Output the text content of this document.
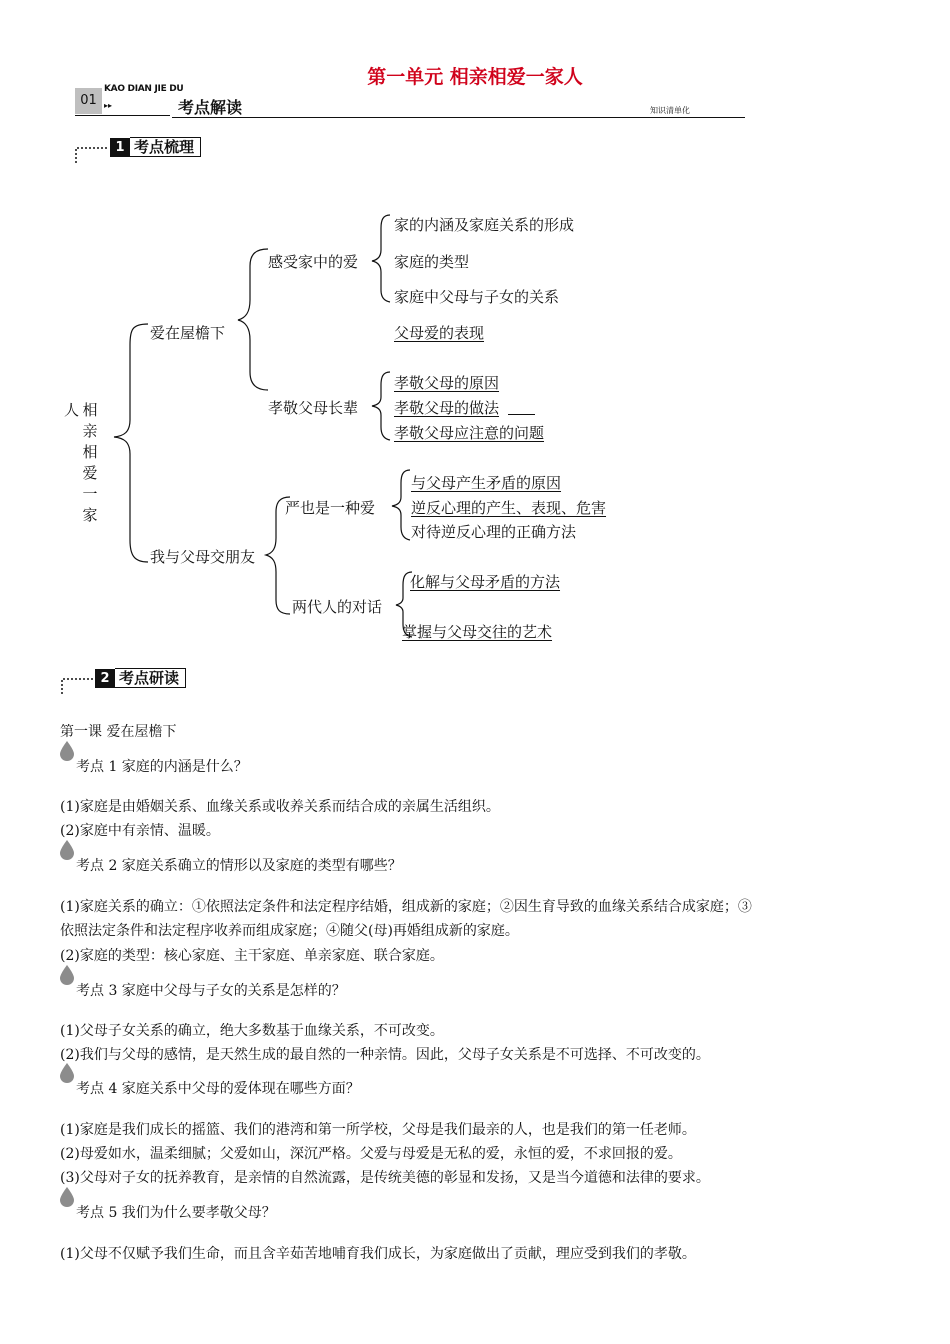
第一单元 相亲相爱一家人
01
KAO DIAN JIE DU
▸▸	考点解读	知识清单化
1 考点梳理
人 相亲相爱一家
爱在屋檐下
感受家中的爱
家的内涵及家庭关系的形成
家庭的类型
家庭中父母与子女的关系
父母爱的表现
孝敬父母长辈
孝敬父母的原因
孝敬父母的做法
孝敬父母应注意的问题
我与父母交朋友
严也是一种爱
与父母产生矛盾的原因
逆反心理的产生、表现、危害
对待逆反心理的正确方法
两代人的对话
化解与父母矛盾的方法
掌握与父母交往的艺术
2 考点研读
第一课 爱在屋檐下
考点 1 家庭的内涵是什么？
(1)家庭是由婚姻关系、血缘关系或收养关系而结合成的亲属生活组织。
(2)家庭中有亲情、温暖。
考点 2 家庭关系确立的情形以及家庭的类型有哪些？
(1)家庭关系的确立：①依照法定条件和法定程序结婚，组成新的家庭；②因生育导致的血缘关系结合成家庭；③
依照法定条件和法定程序收养而组成家庭；④随父(母)再婚组成新的家庭。
(2)家庭的类型：核心家庭、主干家庭、单亲家庭、联合家庭。
考点 3 家庭中父母与子女的关系是怎样的？
(1)父母子女关系的确立，绝大多数基于血缘关系，不可改变。
(2)我们与父母的感情，是天然生成的最自然的一种亲情。因此，父母子女关系是不可选择、不可改变的。
考点 4 家庭关系中父母的爱体现在哪些方面？
(1)家庭是我们成长的摇篮、我们的港湾和第一所学校，父母是我们最亲的人，也是我们的第一任老师。
(2)母爱如水，温柔细腻；父爱如山，深沉严格。父爱与母爱是无私的爱，永恒的爱，不求回报的爱。
(3)父母对子女的抚养教育，是亲情的自然流露，是传统美德的彰显和发扬，又是当今道德和法律的要求。
考点 5 我们为什么要孝敬父母？
(1)父母不仅赋予我们生命，而且含辛茹苦地哺育我们成长，为家庭做出了贡献，理应受到我们的孝敬。
